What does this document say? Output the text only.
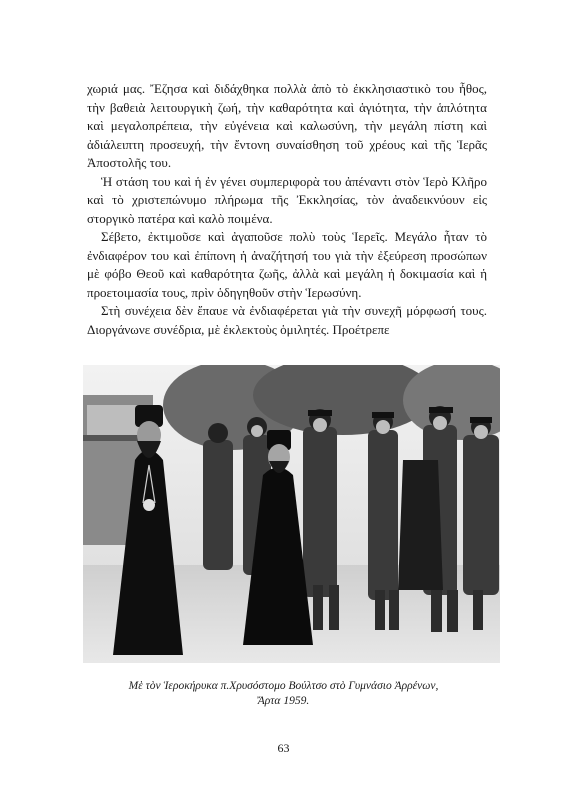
χωριά μας. Ἔζησα καὶ διδάχθηκα πολλὰ ἀπὸ τὸ ἐκκλησιαστικὸ του ἦθος, τὴν βαθειὰ λειτουργικὴ ζωή, τὴν καθαρότητα καὶ ἁγιότητα, τὴν ἁπλότητα καὶ μεγαλοπρέπεια, τὴν εὐγένεια καὶ καλωσύνη, τὴν μεγάλη πίστη καὶ ἀδιάλειπτη προσευχή, τὴν ἔντονη συναίσθηση τοῦ χρέους καὶ τῆς Ἱερᾶς Ἀποστολῆς του.

Ἡ στάση του καὶ ἡ ἐν γένει συμπεριφορὰ του ἀπέναντι στὸν Ἱερὸ Κλῆρο καὶ τὸ χριστεπώνυμο πλήρωμα τῆς Ἐκκλησίας, τὸν ἀναδεικνύουν εἰς στοργικὸ πατέρα καὶ καλὸ ποιμένα.

Σέβετο, ἐκτιμοῦσε καὶ ἀγαποῦσε πολὺ τοὺς Ἱερεῖς. Μεγάλο ἦταν τὸ ἐνδιαφέρον του καὶ ἐπίπονη ἡ ἀναζήτησή του γιὰ τὴν ἐξεύρεση προσώπων μὲ φόβο Θεοῦ καὶ καθαρότητα ζωῆς, ἀλλὰ καὶ μεγάλη ἡ δοκιμασία καὶ ἡ προετοιμασία τους, πρὶν ὁδηγηθοῦν στὴν Ἱερωσύνη.

Στὴ συνέχεια δὲν ἔπαυε νὰ ἐνδιαφέρεται γιὰ τὴν συνεχῆ μόρφωσή τους. Διοργάνωνε συνέδρια, μὲ ἐκλεκτοὺς ὁμιλητές. Προέτρεπε

Μὲ τὸν Ἱεροκήρυκα π.Χρυσόστομο Βούλτσο στὸ Γυμνάσιο Ἀρρένων,
Ἄρτα 1959.
63
